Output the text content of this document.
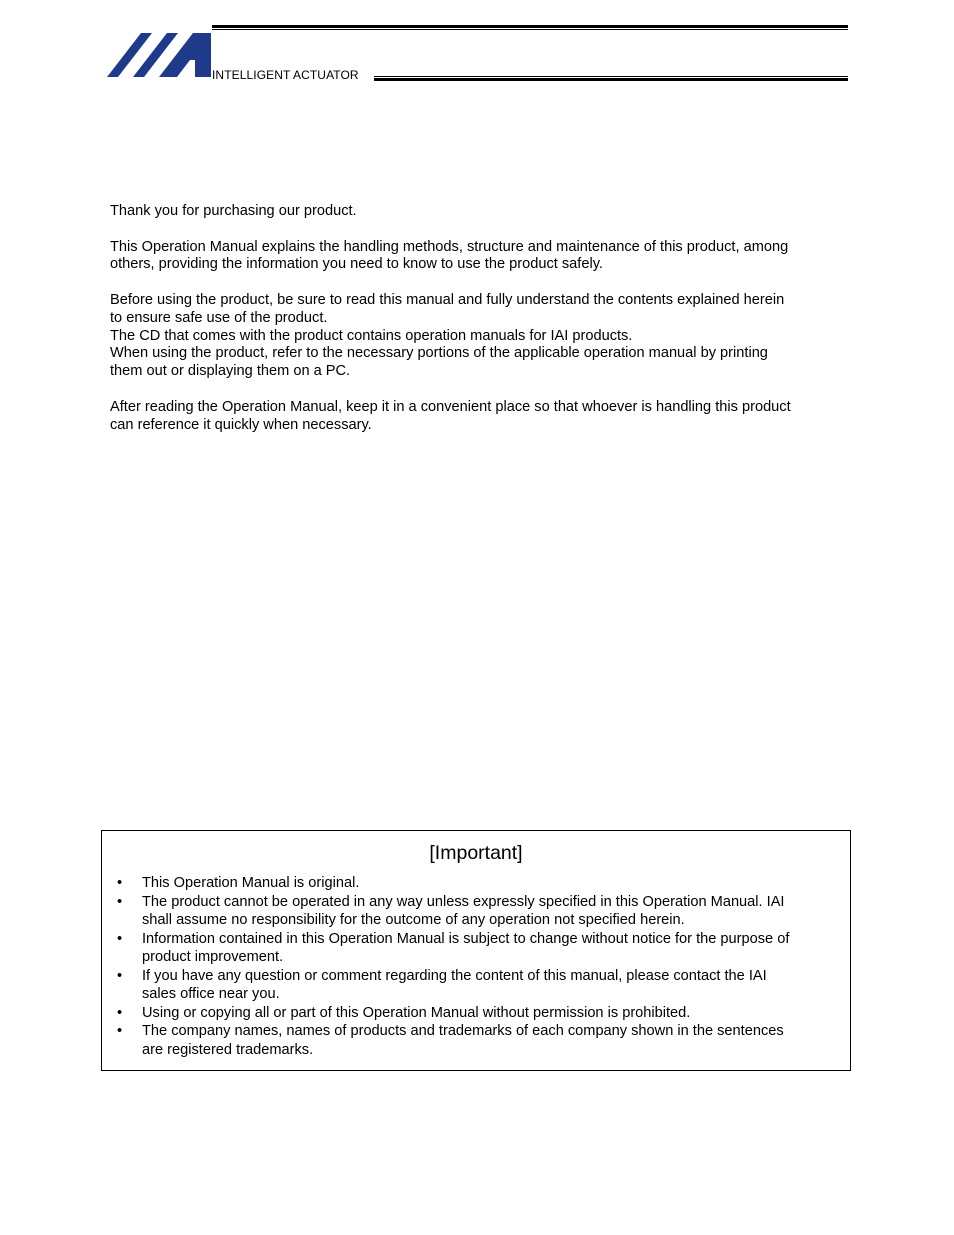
INTELLIGENT ACTUATOR

Thank you for purchasing our product.

This Operation Manual explains the handling methods, structure and maintenance of this product, among
others, providing the information you need to know to use the product safely.

Before using the product, be sure to read this manual and fully understand the contents explained herein
to ensure safe use of the product.
The CD that comes with the product contains operation manuals for IAI products.
When using the product, refer to the necessary portions of the applicable operation manual by printing
them out or displaying them on a PC.

After reading the Operation Manual, keep it in a convenient place so that whoever is handling this product
can reference it quickly when necessary.

[Important]
• This Operation Manual is original.
• The product cannot be operated in any way unless expressly specified in this Operation Manual. IAI
shall assume no responsibility for the outcome of any operation not specified herein.
• Information contained in this Operation Manual is subject to change without notice for the purpose of
product improvement.
• If you have any question or comment regarding the content of this manual, please contact the IAI
sales office near you.
• Using or copying all or part of this Operation Manual without permission is prohibited.
• The company names, names of products and trademarks of each company shown in the sentences
are registered trademarks.
